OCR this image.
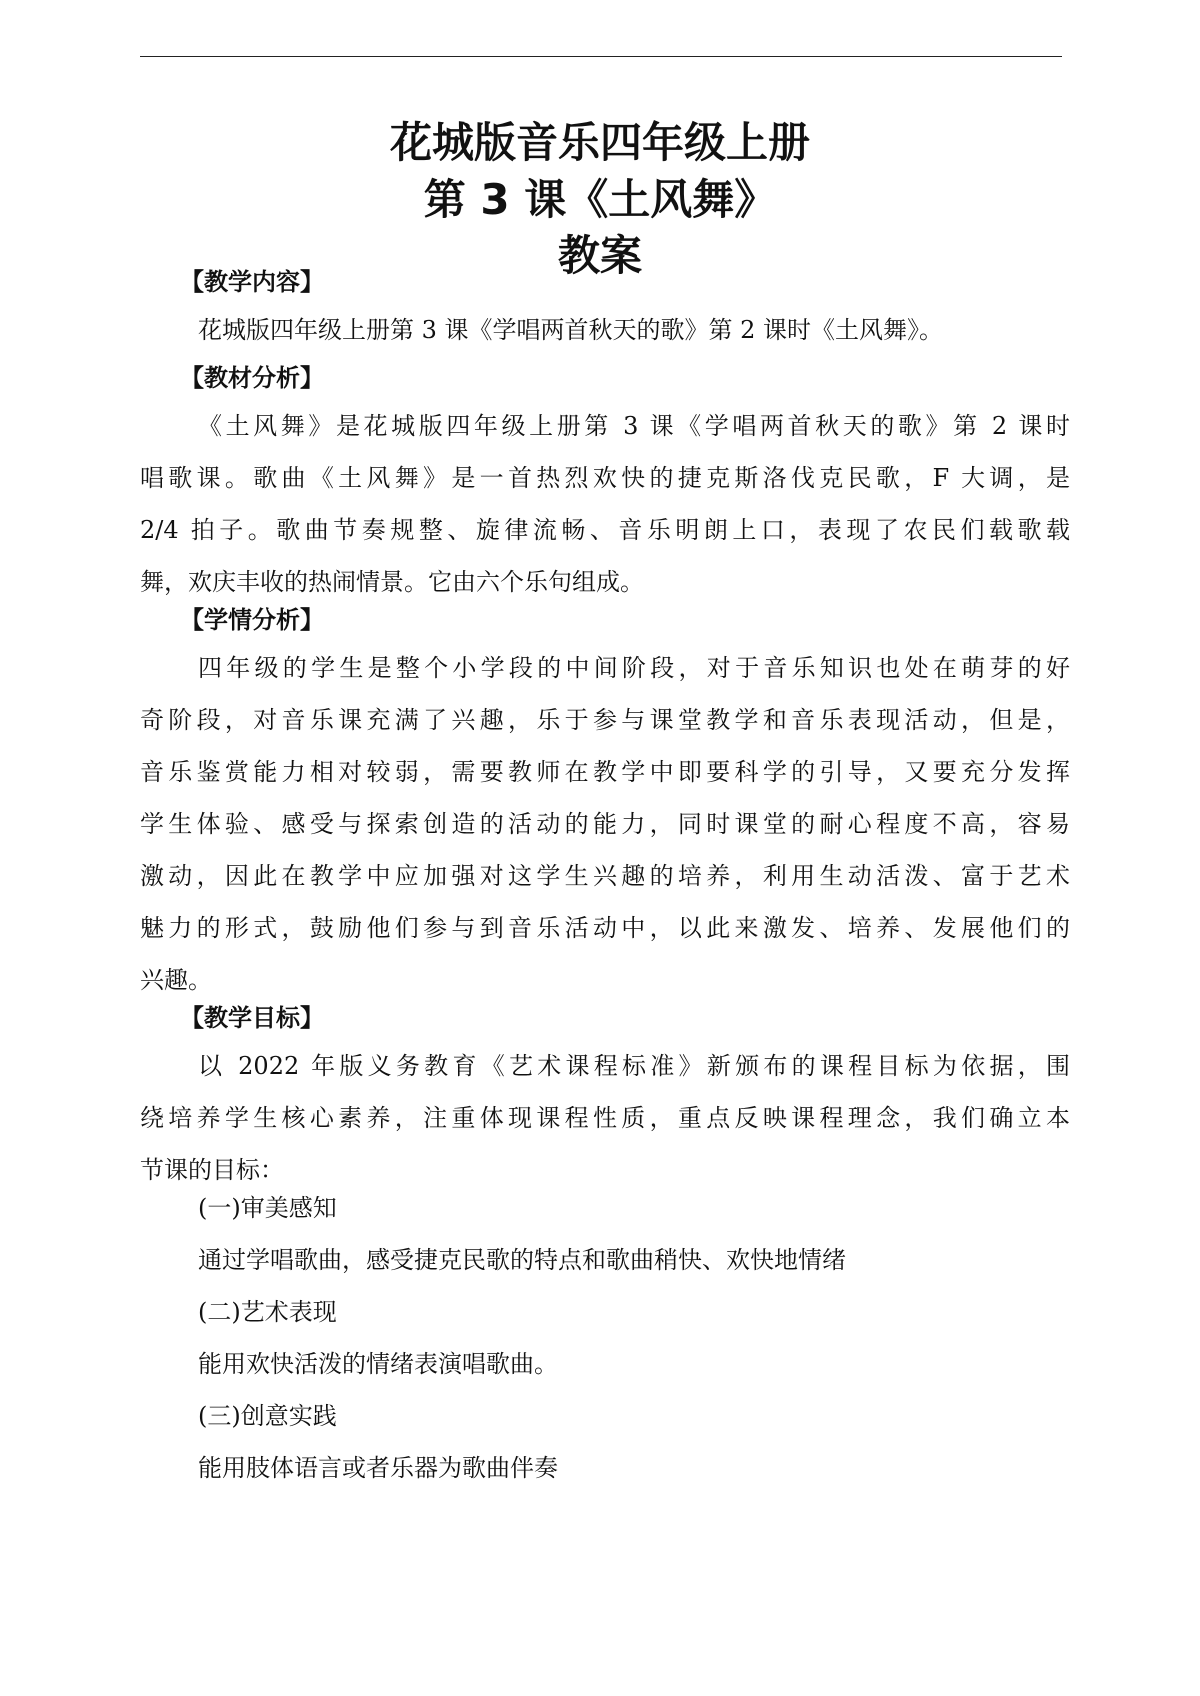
花城版音乐四年级上册
第 3 课《土风舞》
教案
【教学内容】
花城版四年级上册第 3 课《学唱两首秋天的歌》第 2 课时《土风舞》。
【教材分析】
《土风舞》是花城版四年级上册第 3 课《学唱两首秋天的歌》第 2 课时
唱歌课。歌曲《土风舞》是一首热烈欢快的捷克斯洛伐克民歌，F 大调，是
2/4 拍子。歌曲节奏规整、旋律流畅、音乐明朗上口，表现了农民们载歌载
舞，欢庆丰收的热闹情景。它由六个乐句组成。
【学情分析】
四年级的学生是整个小学段的中间阶段，对于音乐知识也处在萌芽的好
奇阶段，对音乐课充满了兴趣，乐于参与课堂教学和音乐表现活动，但是，
音乐鉴赏能力相对较弱，需要教师在教学中即要科学的引导，又要充分发挥
学生体验、感受与探索创造的活动的能力，同时课堂的耐心程度不高，容易
激动，因此在教学中应加强对这学生兴趣的培养，利用生动活泼、富于艺术
魅力的形式，鼓励他们参与到音乐活动中，以此来激发、培养、发展他们的
兴趣。
【教学目标】
以 2022 年版义务教育《艺术课程标准》新颁布的课程目标为依据，围
绕培养学生核心素养，注重体现课程性质，重点反映课程理念，我们确立本
节课的目标：

(一)审美感知

通过学唱歌曲，感受捷克民歌的特点和歌曲稍快、欢快地情绪

(二)艺术表现

能用欢快活泼的情绪表演唱歌曲。

(三)创意实践

能用肢体语言或者乐器为歌曲伴奏
